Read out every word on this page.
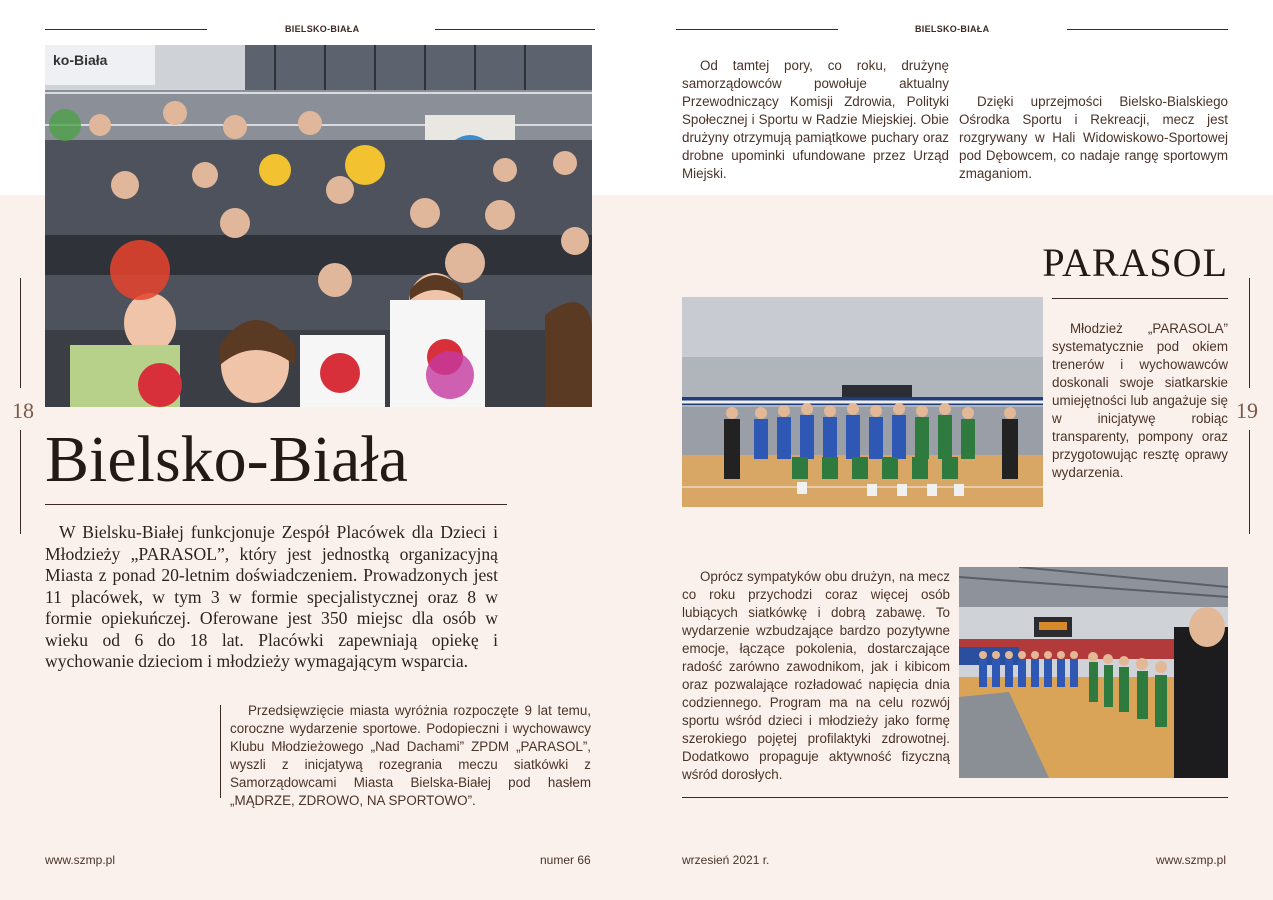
BIELSKO-BIAŁA
ko-Biała
18
Bielsko-Biała

W Bielsku-Białej funkcjonuje Zespół Placówek dla Dzieci i Młodzieży „PARASOL”, który jest jednostką organizacyjną Miasta z ponad 20-letnim doświadczeniem. Prowadzonych jest 11 placówek, w tym 3 w formie specjalistycznej oraz 8 w formie opiekuńczej. Oferowane jest 350 miejsc dla osób w wieku od 6 do 18 lat. Placówki zapewniają opiekę i wychowanie dzieciom i młodzieży wymagającym wsparcia.

Przedsięwzięcie miasta wyróżnia rozpoczęte 9 lat temu, coroczne wydarzenie sportowe. Podopieczni i wychowawcy Klubu Młodzieżowego „Nad Dachami” ZPDM „PARASOL”, wyszli z inicjatywą rozegrania meczu siatkówki z Samorządowcami Miasta Bielska-Białej pod hasłem „MĄDRZE, ZDROWO, NA SPORTOWO”.

www.szmp.pl	numer 66
BIELSKO-BIAŁA

Od tamtej pory, co roku, drużynę samorządowców powołuje aktualny Przewodniczący Komisji Zdrowia, Polityki Społecznej i Sportu w Radzie Miejskiej. Obie drużyny otrzymują pamiątkowe puchary oraz drobne upominki ufundowane przez Urząd Miejski.

Dzięki uprzejmości Bielsko-Bialskiego Ośrodka Sportu i Rekreacji, mecz jest rozgrywany w Hali Widowiskowo-Sportowej pod Dębowcem, co nadaje rangę sportowym zmaganiom.

PARASOL

Młodzież „PARASOLA” systematycznie pod okiem trenerów i wychowawców doskonali swoje siatkarskie umiejętności lub angażuje się w inicjatywę robiąc transparenty, pompony oraz przygotowując resztę oprawy wydarzenia.

19

Oprócz sympatyków obu drużyn, na mecz co roku przychodzi coraz więcej osób lubiących siatkówkę i dobrą zabawę. To wydarzenie wzbudzające bardzo pozytywne emocje, łączące pokolenia, dostarczające radość zarówno zawodnikom, jak i kibicom oraz pozwalające rozładować napięcia dnia codziennego. Program ma na celu rozwój sportu wśród dzieci i młodzieży jako formę szerokiego pojętej profilaktyki zdrowotnej. Dodatkowo propaguje aktywność fizyczną wśród dorosłych.

wrzesień 2021 r.	www.szmp.pl
